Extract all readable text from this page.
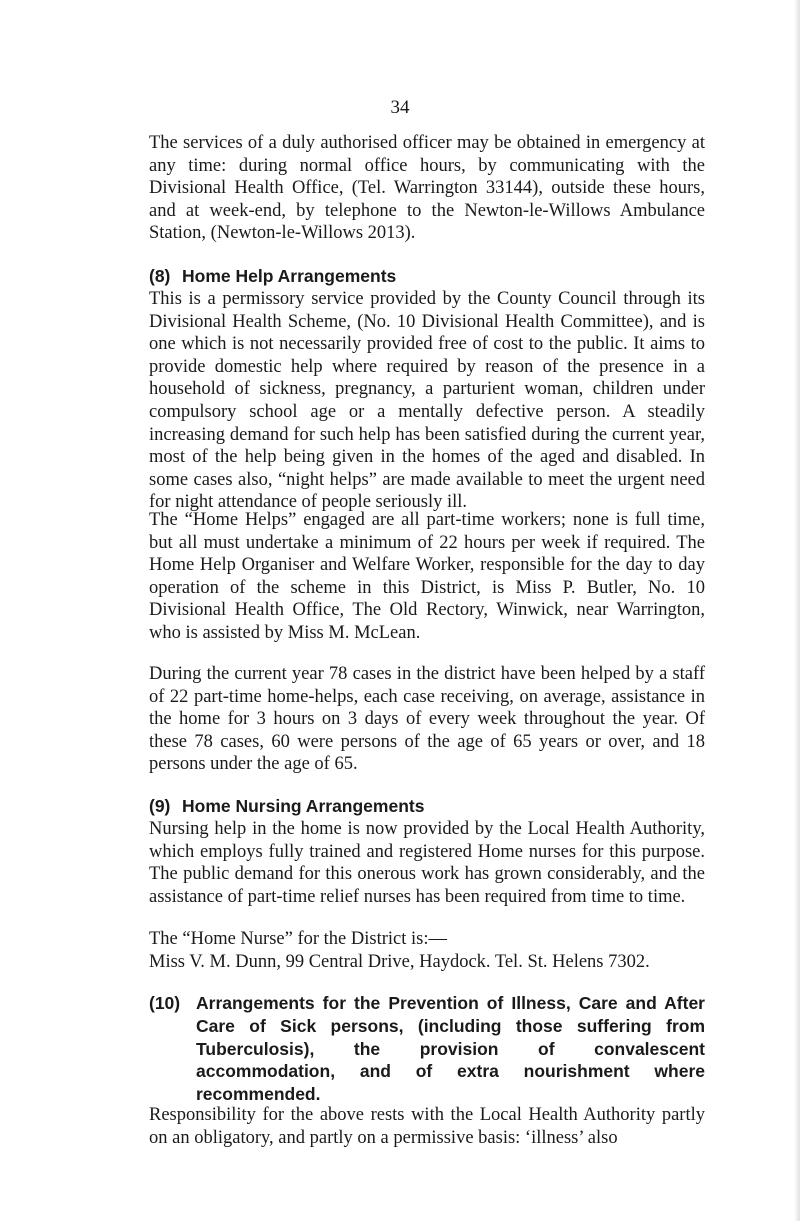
34

The services of a duly authorised officer may be obtained in emergency at any time: during normal office hours, by communicating with the Divisional Health Office, (Tel. Warrington 33144), outside these hours, and at week-end, by telephone to the Newton-le-Willows Ambulance Station, (Newton-le-Willows 2013).

(8) Home Help Arrangements

This is a permissory service provided by the County Council through its Divisional Health Scheme, (No. 10 Divisional Health Committee), and is one which is not necessarily provided free of cost to the public. It aims to provide domestic help where required by reason of the presence in a household of sickness, pregnancy, a parturient woman, children under compulsory school age or a mentally defective person. A steadily increasing demand for such help has been satisfied during the current year, most of the help being given in the homes of the aged and disabled. In some cases also, “night helps” are made available to meet the urgent need for night attendance of people seriously ill.

The “Home Helps” engaged are all part-time workers; none is full time, but all must undertake a minimum of 22 hours per week if required. The Home Help Organiser and Welfare Worker, responsible for the day to day operation of the scheme in this District, is Miss P. Butler, No. 10 Divisional Health Office, The Old Rectory, Winwick, near Warrington, who is assisted by Miss M. McLean.

During the current year 78 cases in the district have been helped by a staff of 22 part-time home-helps, each case receiving, on average, assistance in the home for 3 hours on 3 days of every week throughout the year. Of these 78 cases, 60 were persons of the age of 65 years or over, and 18 persons under the age of 65.

(9) Home Nursing Arrangements

Nursing help in the home is now provided by the Local Health Authority, which employs fully trained and registered Home nurses for this purpose. The public demand for this onerous work has grown considerably, and the assistance of part-time relief nurses has been required from time to time.

The “Home Nurse” for the District is:—

Miss V. M. Dunn, 99 Central Drive, Haydock. Tel. St. Helens 7302.

(10) Arrangements for the Prevention of Illness, Care and After Care of Sick persons, (including those suffering from Tuberculosis), the provision of convalescent accommodation, and of extra nourishment where recommended.

Responsibility for the above rests with the Local Health Authority partly on an obligatory, and partly on a permissive basis: ‘illness’ also
